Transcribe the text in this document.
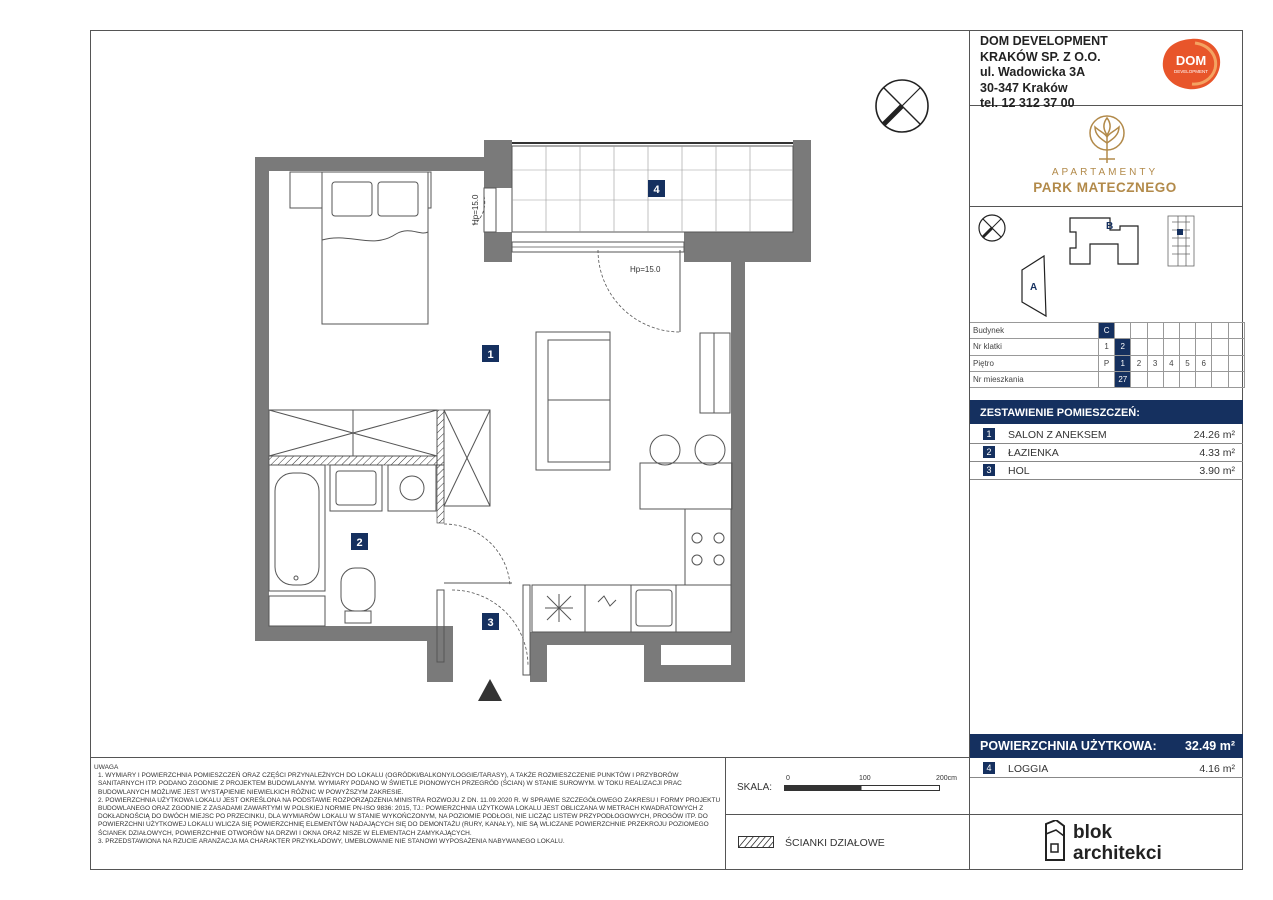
DOM DEVELOPMENT
KRAKÓW SP. Z O.O.
ul. Wadowicka 3A
30-347 Kraków
tel. 12 312 37 00
DOM
DEVELOPMENT
APARTAMENTY
PARK MATECZNEGO
B
A
Budynek	C								
Nr klatki	1	2							
Piętro	P	1	2	3	4	5	6		
Nr mieszkania		27							
ZESTAWIENIE POMIESZCZEŃ:
1	SALON Z ANEKSEM	24.26 m²
2	ŁAZIENKA	4.33 m²
3	HOL	3.90 m²
POWIERZCHNIA UŻYTKOWA: 32.49 m²
4	LOGGIA	4.16 m²
blok
architekci

UWAGA

1. WYMIARY I POWIERZCHNIA POMIESZCZEŃ ORAZ CZĘŚCI PRZYNALEŻNYCH DO LOKALU (OGRÓDKI/BALKONY/LOGGIE/TARASY), A TAKŻE ROZMIESZCZENIE PUNKTÓW I PRZYBORÓW SANITARNYCH ITP. PODANO ZGODNIE Z PROJEKTEM BUDOWLANYM. WYMIARY PODANO W ŚWIETLE PIONOWYCH PRZEGRÓD (ŚCIAN) W STANIE SUROWYM. W TOKU REALIZACJI PRAC BUDOWLANYCH MOŻLIWE JEST WYSTĄPIENIE NIEWIELKICH RÓŻNIC W POWYŻSZYM ZAKRESIE.

2. POWIERZCHNIA UŻYTKOWA LOKALU JEST OKREŚLONA NA PODSTAWIE ROZPORZĄDZENIA MINISTRA ROZWOJU Z DN. 11.09.2020 R. W SPRAWIE SZCZEGÓŁOWEGO ZAKRESU I FORMY PROJEKTU BUDOWLANEGO ORAZ ZGODNIE Z ZASADAMI ZAWARTYMI W POLSKIEJ NORMIE PN-ISO 9836: 2015, TJ.: POWIERZCHNIA UŻYTKOWA LOKALU JEST OBLICZANA W METRACH KWADRATOWYCH Z DOKŁADNOŚCIĄ DO DWÓCH MIEJSC PO PRZECINKU, DLA WYMIARÓW LOKALU W STANIE WYKOŃCZONYM, NA POZIOMIE PODŁOGI, NIE LICZĄC LISTEW PRZYPODŁOGOWYCH, PROGÓW ITP. DO POWIERZCHNI UŻYTKOWEJ LOKALU WLICZA SIĘ POWIERZCHNIĘ ELEMENTÓW NADAJĄCYCH SIĘ DO DEMONTAŻU (RURY, KANAŁY), NIE SĄ WLICZANE POWIERZCHNIE PRZEKROJU POZIOMEGO ŚCIANEK DZIAŁOWYCH, POWIERZCHNIE OTWORÓW NA DRZWI I OKNA ORAZ NISZE W ELEMENTACH ZAMYKAJĄCYCH.

3. PRZEDSTAWIONA NA RZUCIE ARANŻACJA MA CHARAKTER PRZYKŁADOWY, UMEBLOWANIE NIE STANOWI WYPOSAŻENIA NABYWANEGO LOKALU.

SKALA:
0	100	200cm
ŚCIANKI DZIAŁOWE
Hp=15.0
Hp=15.0
1
2
3
4
